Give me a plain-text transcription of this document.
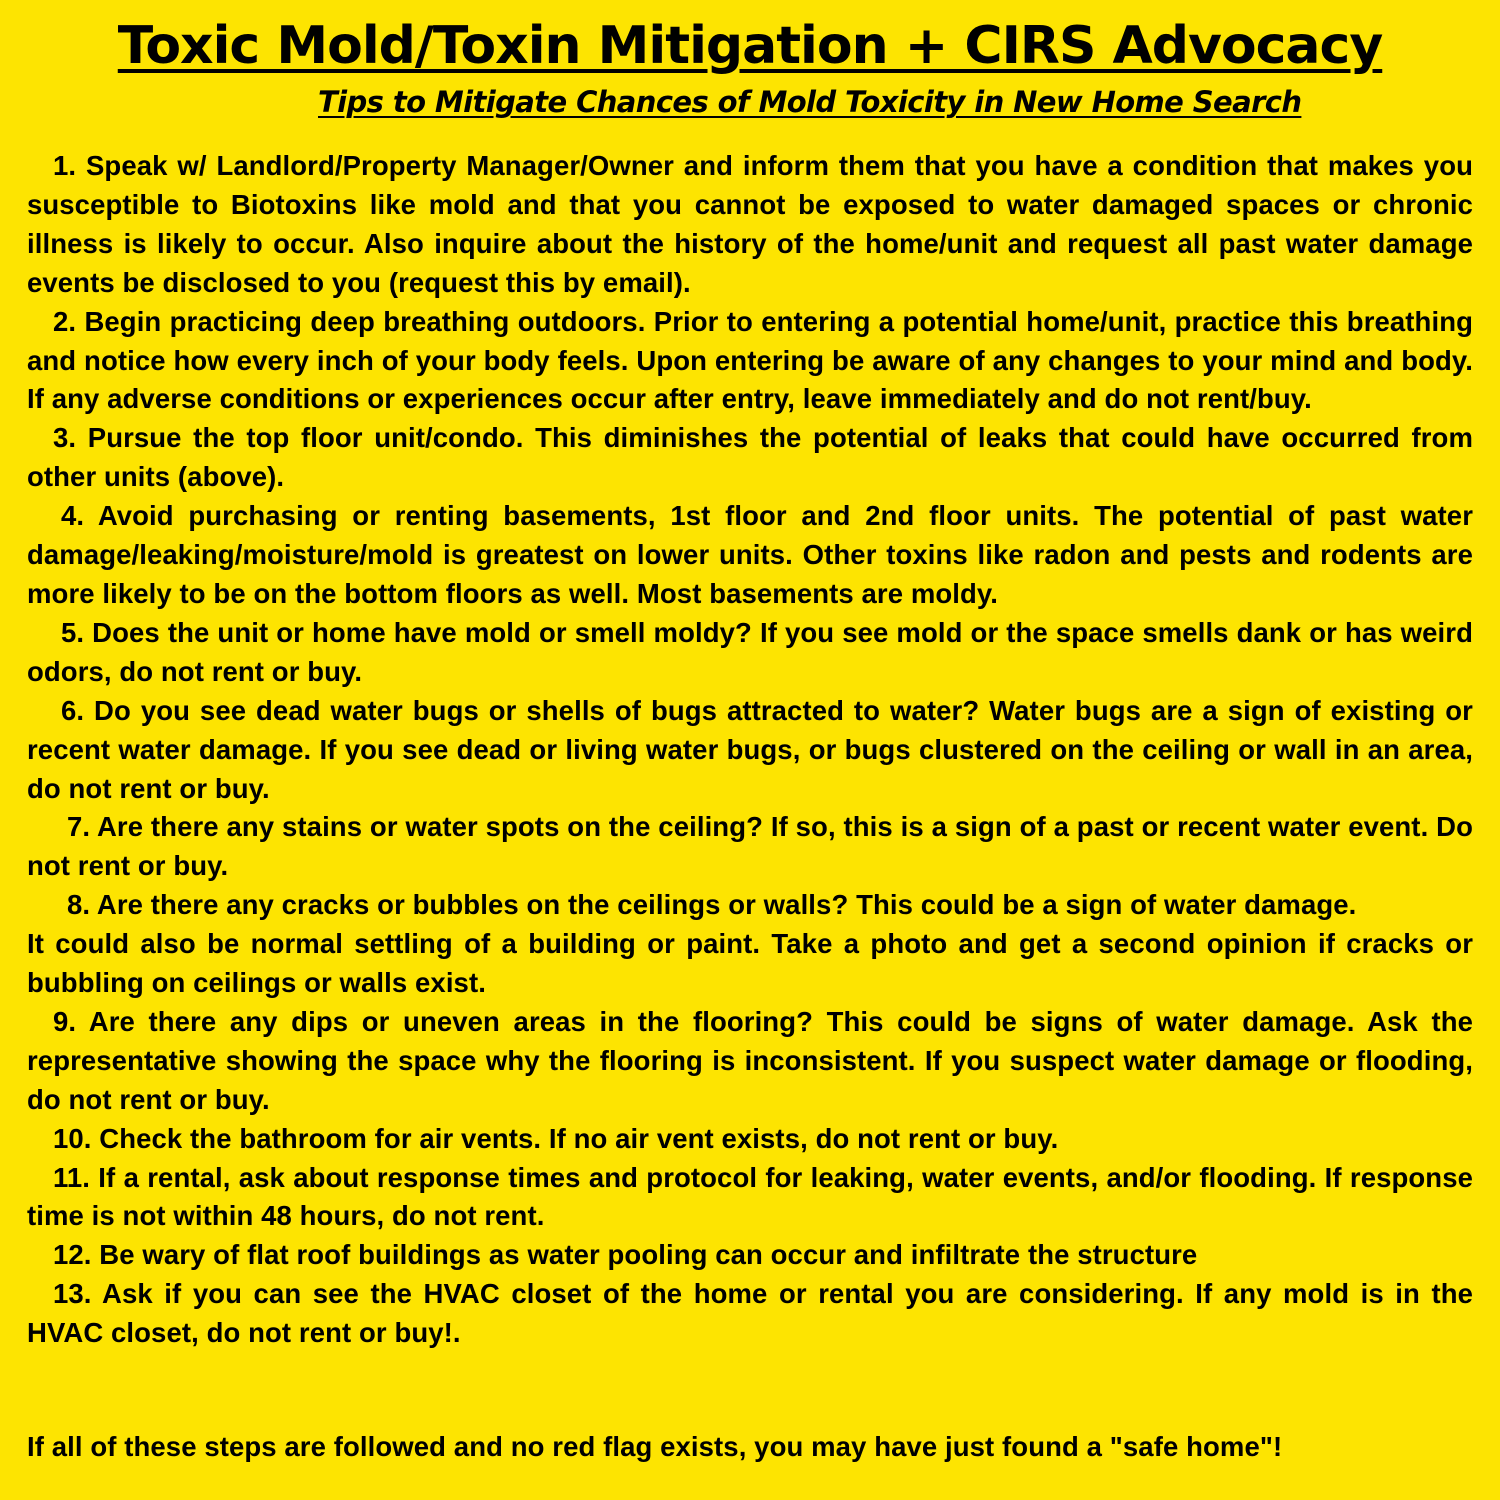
Toxic Mold/Toxin Mitigation + CIRS Advocacy
Tips to Mitigate Chances of Mold Toxicity in New Home Search

1. Speak w/ Landlord/Property Manager/Owner and inform them that you have a condition that makes you susceptible to Biotoxins like mold and that you cannot be exposed to water damaged spaces or chronic illness is likely to occur. Also inquire about the history of the home/unit and request all past water damage events be disclosed to you (request this by email).

2. Begin practicing deep breathing outdoors. Prior to entering a potential home/unit, practice this breathing and notice how every inch of your body feels. Upon entering be aware of any changes to your mind and body. If any adverse conditions or experiences occur after entry, leave immediately and do not rent/buy.

3. Pursue the top floor unit/condo. This diminishes the potential of leaks that could have occurred from other units (above).

4. Avoid purchasing or renting basements, 1st floor and 2nd floor units. The potential of past water damage/leaking/moisture/mold is greatest on lower units. Other toxins like radon and pests and rodents are more likely to be on the bottom floors as well. Most basements are moldy.

5. Does the unit or home have mold or smell moldy? If you see mold or the space smells dank or has weird odors, do not rent or buy.

6. Do you see dead water bugs or shells of bugs attracted to water? Water bugs are a sign of existing or recent water damage. If you see dead or living water bugs, or bugs clustered on the ceiling or wall in an area, do not rent or buy.

7. Are there any stains or water spots on the ceiling? If so, this is a sign of a past or recent water event. Do not rent or buy.

8. Are there any cracks or bubbles on the ceilings or walls? This could be a sign of water damage.

It could also be normal settling of a building or paint. Take a photo and get a second opinion if cracks or bubbling on ceilings or walls exist.

9. Are there any dips or uneven areas in the flooring? This could be signs of water damage. Ask the representative showing the space why the flooring is inconsistent. If you suspect water damage or flooding, do not rent or buy.

10. Check the bathroom for air vents. If no air vent exists, do not rent or buy.

11. If a rental, ask about response times and protocol for leaking, water events, and/or flooding. If response time is not within 48 hours, do not rent.

12. Be wary of flat roof buildings as water pooling can occur and infiltrate the structure

13. Ask if you can see the HVAC closet of the home or rental you are considering. If any mold is in the HVAC closet, do not rent or buy!.

If all of these steps are followed and no red flag exists, you may have just found a "safe home"!
